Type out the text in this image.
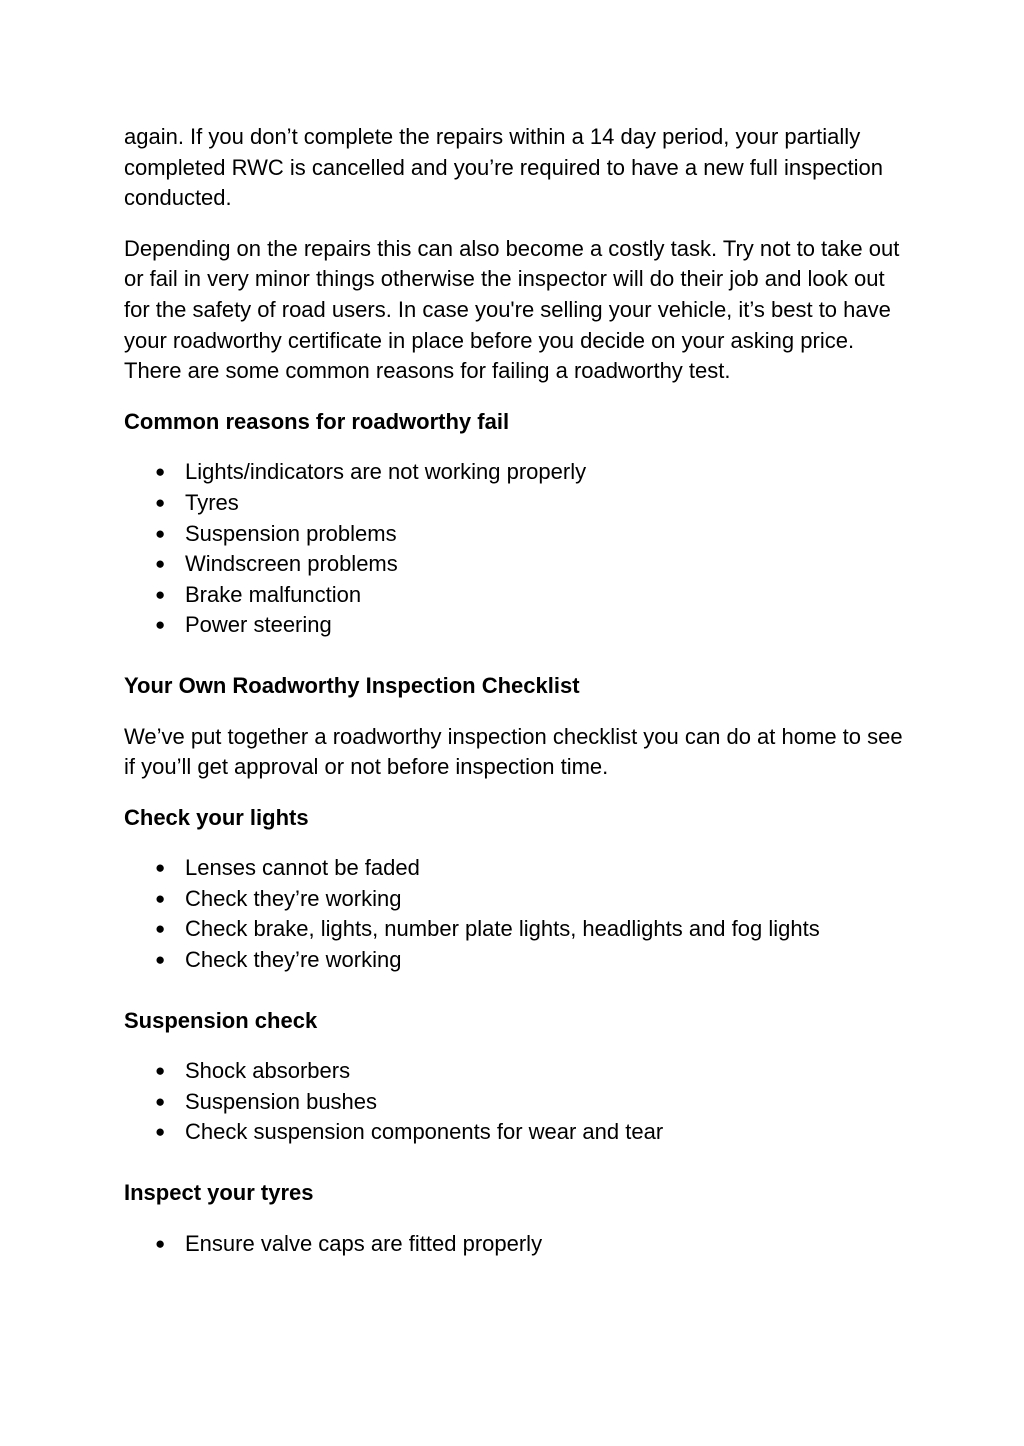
again. If you don’t complete the repairs within a 14 day period, your partially completed RWC is cancelled and you’re required to have a new full inspection conducted.

Depending on the repairs this can also become a costly task. Try not to take out or fail in very minor things otherwise the inspector will do their job and look out for the safety of road users. In case you're selling your vehicle, it’s best to have your roadworthy certificate in place before you decide on your asking price. There are some common reasons for failing a roadworthy test.

Common reasons for roadworthy fail
● Lights/indicators are not working properly
● Tyres
● Suspension problems
● Windscreen problems
● Brake malfunction
● Power steering
Your Own Roadworthy Inspection Checklist

We’ve put together a roadworthy inspection checklist you can do at home to see if you’ll get approval or not before inspection time.

Check your lights
● Lenses cannot be faded
● Check they’re working
● Check brake, lights, number plate lights, headlights and fog lights
● Check they’re working
Suspension check
● Shock absorbers
● Suspension bushes
● Check suspension components for wear and tear
Inspect your tyres
● Ensure valve caps are fitted properly
